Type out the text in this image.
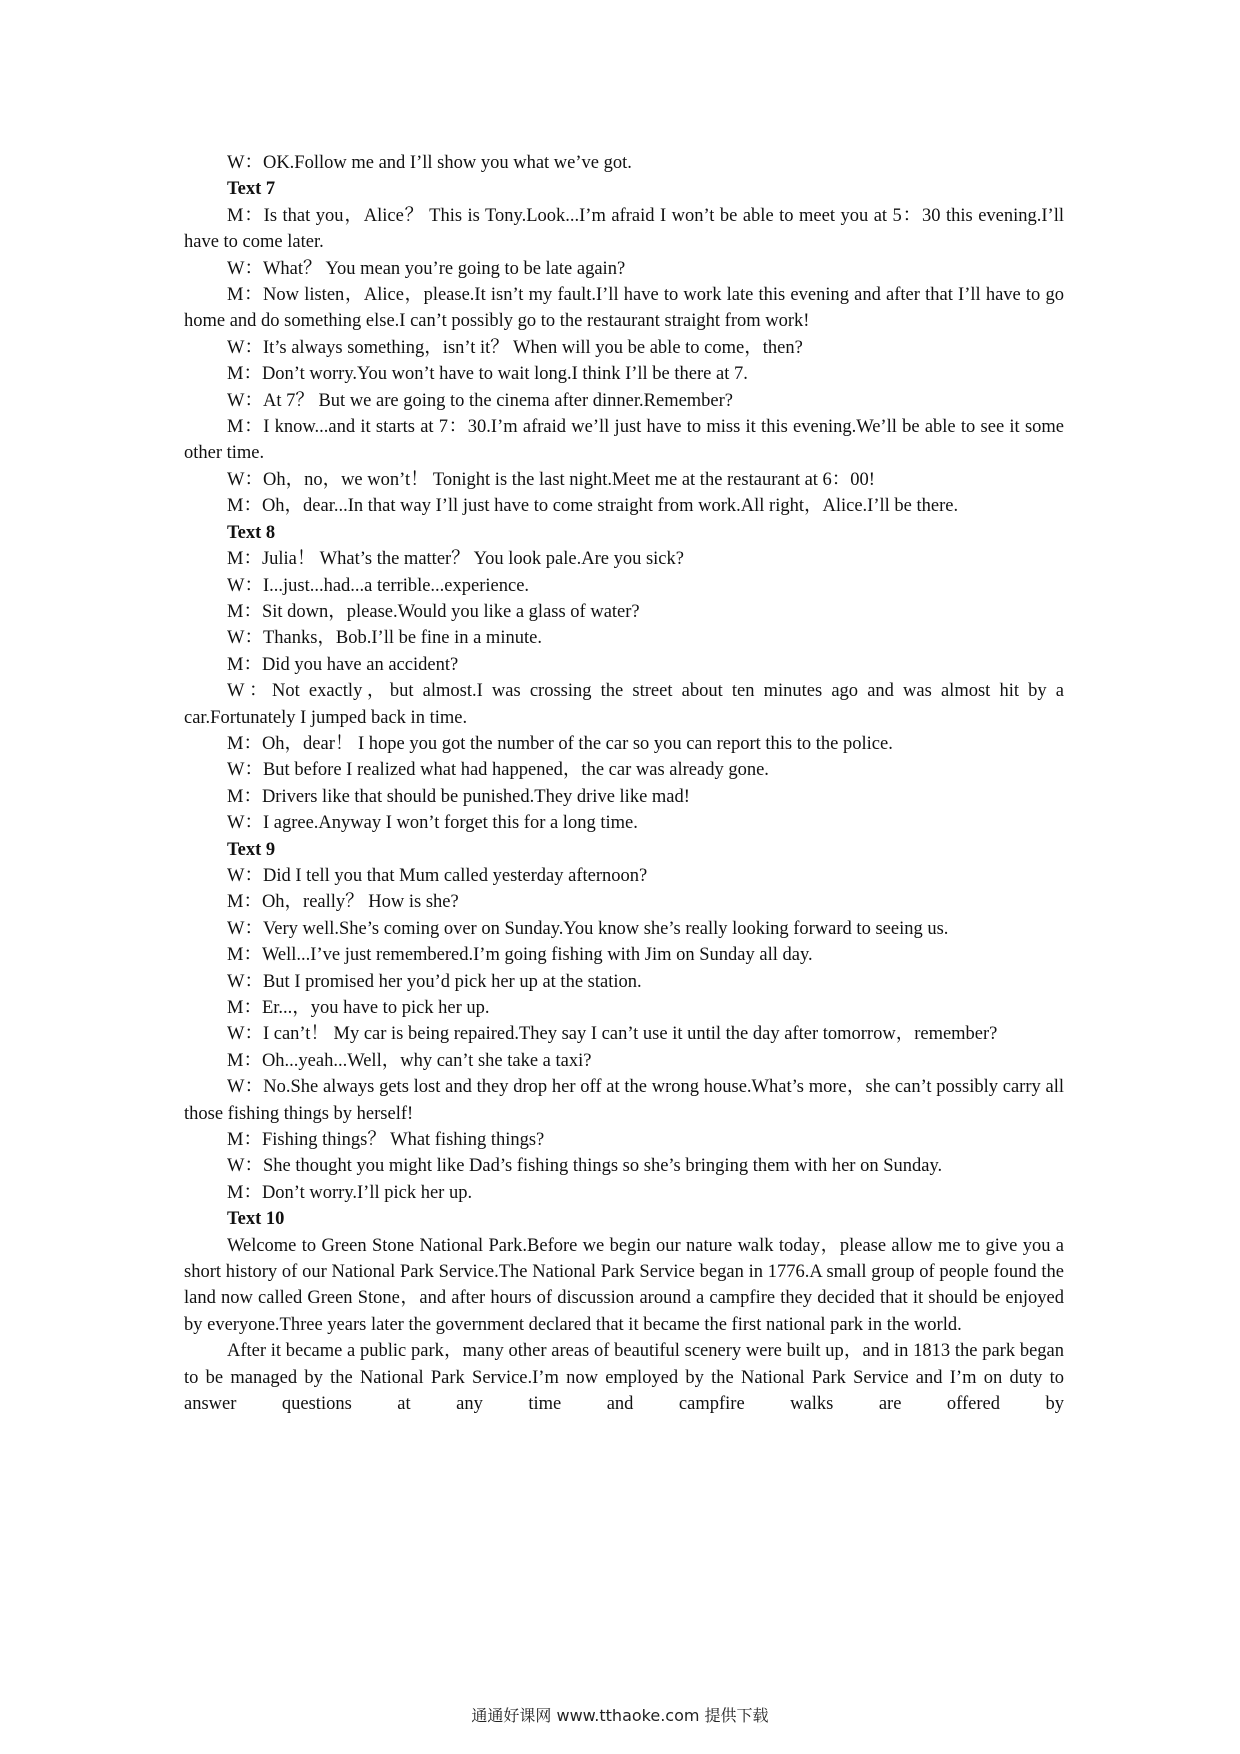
W：OK.Follow me and I’ll show you what we’ve got.

Text 7

M：Is that you，Alice？ This is Tony.Look...I’m afraid I won’t be able to meet you at 5：30 this evening.I’ll have to come later.

W：What？ You mean you’re going to be late again?

M：Now listen，Alice，please.It isn’t my fault.I’ll have to work late this evening and after that I’ll have to go home and do something else.I can’t possibly go to the restaurant straight from work!

W：It’s always something，isn’t it？ When will you be able to come，then?

M：Don’t worry.You won’t have to wait long.I think I’ll be there at 7.

W：At 7？ But we are going to the cinema after dinner.Remember?

M：I know...and it starts at 7：30.I’m afraid we’ll just have to miss it this evening.We’ll be able to see it some other time.

W：Oh，no，we won’t！ Tonight is the last night.Meet me at the restaurant at 6：00!

M：Oh，dear...In that way I’ll just have to come straight from work.All right，Alice.I’ll be there.

Text 8

M：Julia！ What’s the matter？ You look pale.Are you sick?

W：I...just...had...a terrible...experience.

M：Sit down，please.Would you like a glass of water?

W：Thanks，Bob.I’ll be fine in a minute.

M：Did you have an accident?

W：Not exactly，but almost.I was crossing the street about ten minutes ago and was almost hit by a car.Fortunately I jumped back in time.

M：Oh，dear！ I hope you got the number of the car so you can report this to the police.

W：But before I realized what had happened，the car was already gone.

M：Drivers like that should be punished.They drive like mad!

W：I agree.Anyway I won’t forget this for a long time.

Text 9

W：Did I tell you that Mum called yesterday afternoon?

M：Oh，really？ How is she?

W：Very well.She’s coming over on Sunday.You know she’s really looking forward to seeing us.

M：Well...I’ve just remembered.I’m going fishing with Jim on Sunday all day.

W：But I promised her you’d pick her up at the station.

M：Er...，you have to pick her up.

W：I can’t！ My car is being repaired.They say I can’t use it until the day after tomorrow，remember?

M：Oh...yeah...Well，why can’t she take a taxi?

W：No.She always gets lost and they drop her off at the wrong house.What’s more，she can’t possibly carry all those fishing things by herself!

M：Fishing things？ What fishing things?

W：She thought you might like Dad’s fishing things so she’s bringing them with her on Sunday.

M：Don’t worry.I’ll pick her up.

Text 10

Welcome to Green Stone National Park.Before we begin our nature walk today，please allow me to give you a short history of our National Park Service.The National Park Service began in 1776.A small group of people found the land now called Green Stone，and after hours of discussion around a campfire they decided that it should be enjoyed by everyone.Three years later the government declared that it became the first national park in the world.

After it became a public park，many other areas of beautiful scenery were built up，and in 1813 the park began to be managed by the National Park Service.I’m now employed by the National Park Service and I’m on duty to answer questions at any time and campfire walks are offered by

通通好课网 www.tthaoke.com 提供下载
